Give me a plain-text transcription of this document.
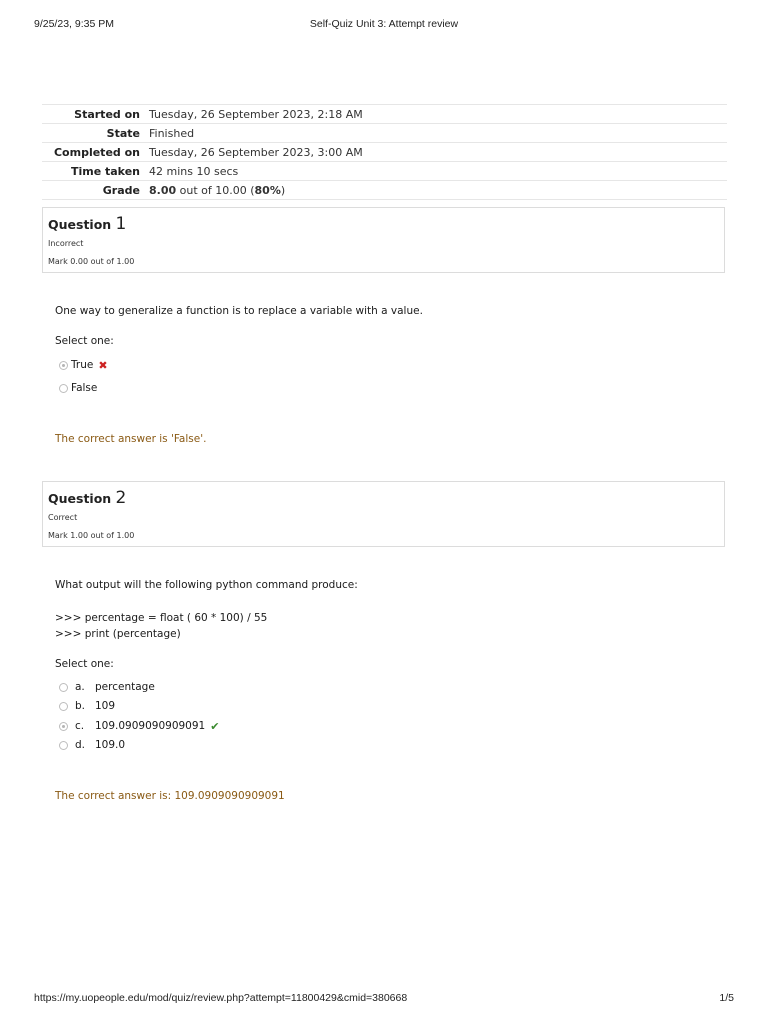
9/25/23, 9:35 PM	Self-Quiz Unit 3: Attempt review
Started on	Tuesday, 26 September 2023, 2:18 AM
State	Finished
Completed on	Tuesday, 26 September 2023, 3:00 AM
Time taken	42 mins 10 secs
Grade	8.00 out of 10.00 (80%)
Question 1
Incorrect
Mark 0.00 out of 1.00
One way to generalize a function is to replace a variable with a value.
Select one:
True ✖
False
The correct answer is 'False'.
Question 2
Correct
Mark 1.00 out of 1.00
What output will the following python command produce:
>>> percentage = float ( 60 * 100) / 55
>>> print (percentage)
Select one:
a. percentage
b. 109
c.	109.0909090909091 ✔
d. 109.0
The correct answer is: 109.0909090909091
https://my.uopeople.edu/mod/quiz/review.php?attempt=11800429&cmid=380668	1/5
